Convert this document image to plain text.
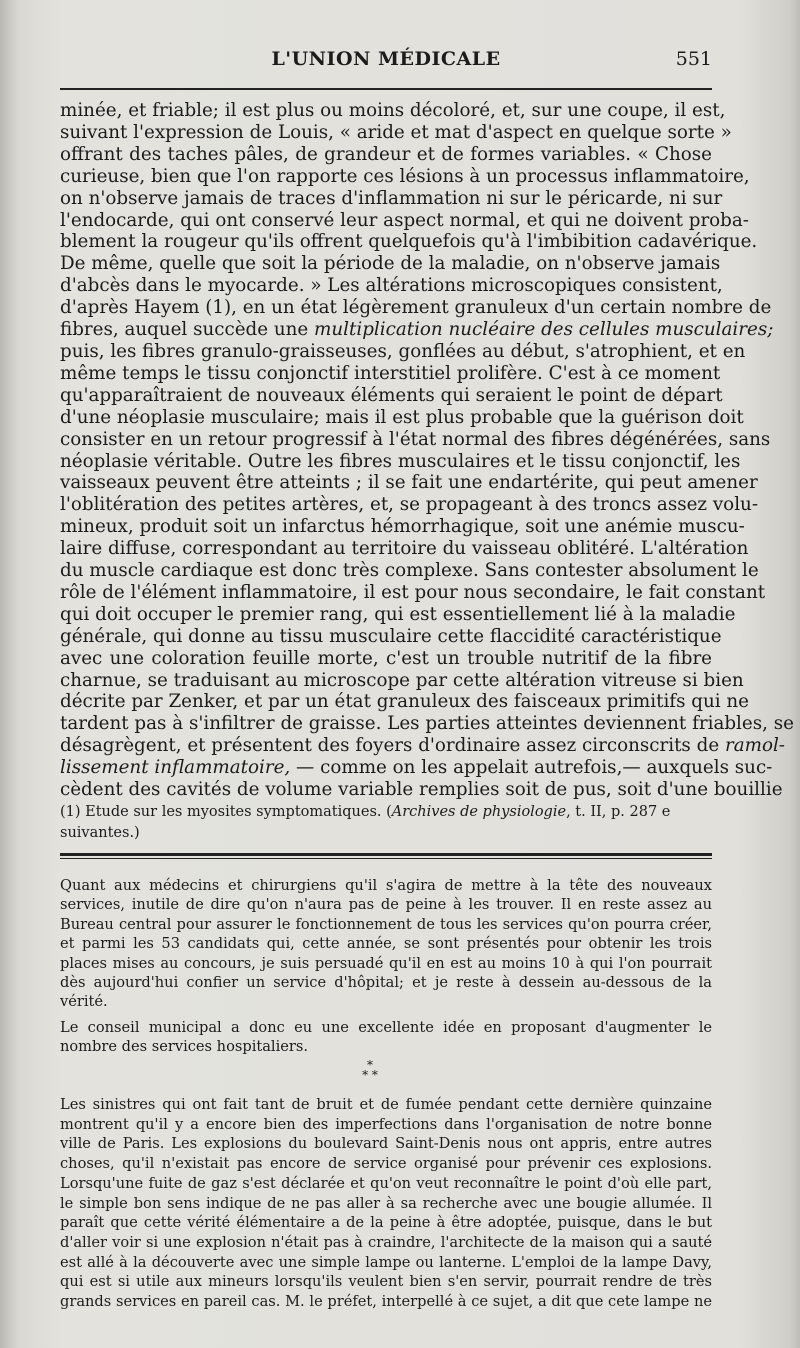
L'UNION MÉDICALE	551

minée, et friable; il est plus ou moins décoloré, et, sur une coupe, il est,
suivant l'expression de Louis, « aride et mat d'aspect en quelque sorte »
offrant des taches pâles, de grandeur et de formes variables. « Chose
curieuse, bien que l'on rapporte ces lésions à un processus inflammatoire,
on n'observe jamais de traces d'inflammation ni sur le péricarde, ni sur
l'endocarde, qui ont conservé leur aspect normal, et qui ne doivent proba-
blement la rougeur qu'ils offrent quelquefois qu'à l'imbibition cadavérique.
De même, quelle que soit la période de la maladie, on n'observe jamais
d'abcès dans le myocarde. » Les altérations microscopiques consistent,
d'après Hayem (1), en un état légèrement granuleux d'un certain nombre de
fibres, auquel succède une multiplication nucléaire des cellules musculaires;
puis, les fibres granulo-graisseuses, gonflées au début, s'atrophient, et en
même temps le tissu conjonctif interstitiel prolifère. C'est à ce moment
qu'apparaîtraient de nouveaux éléments qui seraient le point de départ
d'une néoplasie musculaire; mais il est plus probable que la guérison doit
consister en un retour progressif à l'état normal des fibres dégénérées, sans
néoplasie véritable. Outre les fibres musculaires et le tissu conjonctif, les
vaisseaux peuvent être atteints ; il se fait une endartérite, qui peut amener
l'oblitération des petites artères, et, se propageant à des troncs assez volu-
mineux, produit soit un infarctus hémorrhagique, soit une anémie muscu-
laire diffuse, correspondant au territoire du vaisseau oblitéré. L'altération
du muscle cardiaque est donc très complexe. Sans contester absolument le
rôle de l'élément inflammatoire, il est pour nous secondaire, le fait constant
qui doit occuper le premier rang, qui est essentiellement lié à la maladie
générale, qui donne au tissu musculaire cette flaccidité caractéristique
avec une coloration feuille morte, c'est un trouble nutritif de la fibre
charnue, se traduisant au microscope par cette altération vitreuse si bien
décrite par Zenker, et par un état granuleux des faisceaux primitifs qui ne
tardent pas à s'infiltrer de graisse. Les parties atteintes deviennent friables, se
désagrègent, et présentent des foyers d'ordinaire assez circonscrits de ramol-
lissement inflammatoire, — comme on les appelait autrefois,— auxquels suc-
cèdent des cavités de volume variable remplies soit de pus, soit d'une bouillie

(1) Etude sur les myosites symptomatiques. (Archives de physiologie, t. II, p. 287 e
suivantes.)
Quant aux médecins et chirurgiens qu'il s'agira de mettre à la tête des nouveaux
services, inutile de dire qu'on n'aura pas de peine à les trouver. Il en reste assez au
Bureau central pour assurer le fonctionnement de tous les services qu'on pourra créer,
et parmi les 53 candidats qui, cette année, se sont présentés pour obtenir les trois
places mises au concours, je suis persuadé qu'il en est au moins 10 à qui l'on pourrait
dès aujourd'hui confier un service d'hôpital; et je reste à dessein au-dessous de la
vérité.
Le conseil municipal a donc eu une excellente idée en proposant d'augmenter le
nombre des services hospitaliers.
*
* *
Les sinistres qui ont fait tant de bruit et de fumée pendant cette dernière quinzaine
montrent qu'il y a encore bien des imperfections dans l'organisation de notre bonne
ville de Paris. Les explosions du boulevard Saint-Denis nous ont appris, entre autres
choses, qu'il n'existait pas encore de service organisé pour prévenir ces explosions.
Lorsqu'une fuite de gaz s'est déclarée et qu'on veut reconnaître le point d'où elle part,
le simple bon sens indique de ne pas aller à sa recherche avec une bougie allumée. Il
paraît que cette vérité élémentaire a de la peine à être adoptée, puisque, dans le but
d'aller voir si une explosion n'était pas à craindre, l'architecte de la maison qui a sauté
est allé à la découverte avec une simple lampe ou lanterne. L'emploi de la lampe Davy,
qui est si utile aux mineurs lorsqu'ils veulent bien s'en servir, pourrait rendre de très
grands services en pareil cas. M. le préfet, interpellé à ce sujet, a dit que cete lampe ne
